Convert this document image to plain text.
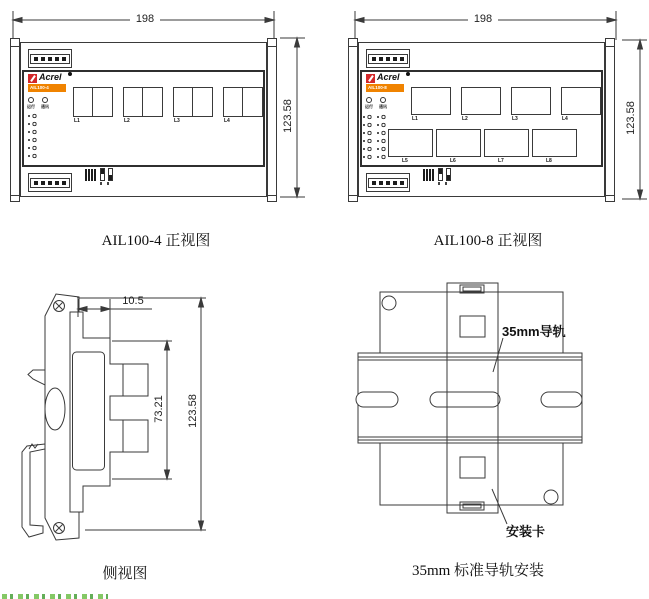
Acrel
AIL100-4
运行	通讯
L1	L2	L3	L4
Acrel
AIL100-8
运行	通讯
L1	L2	L3	L4
L5	L6	L7	L8
198	198
123.58	123.58
10.5
73.21 123.58
35mm导轨
安装卡
AIL100-4 正视图	AIL100-8 正视图
侧视图	35mm 标准导轨安装
